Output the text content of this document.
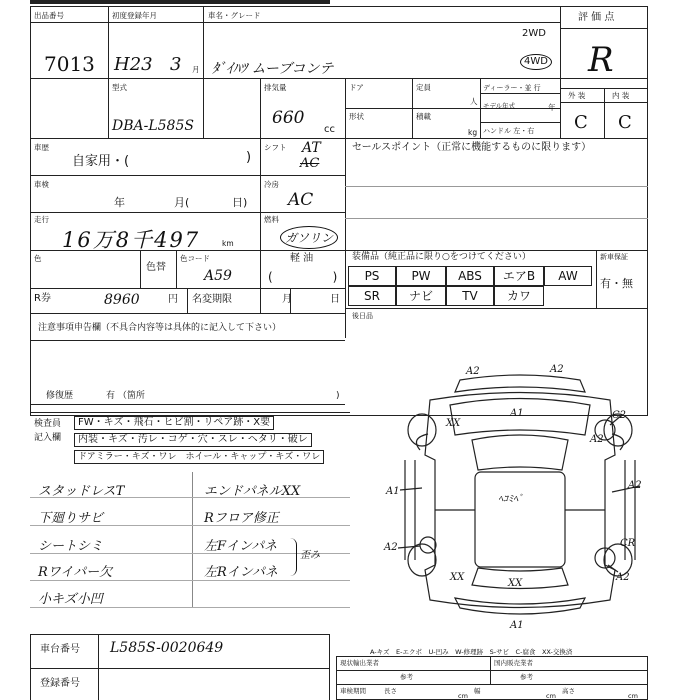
出品番号
7013
初度登録年月
H23 3 月
車名・グレード
ﾀﾞｲﾊﾂ ムーブコンテ
2WD
4WD
評 価 点
R
型式
DBA-L585S
排気量
660
cc
ドア	定員
人
ディーラー・並 行
形状	積載
kg
モデル年式	年
ハンドル 左・右
外 装	内 装
C C
車歴
自家用・(	)
シフト AT
AC
車検
年	月(	日)
冷房
AC
走行
16万8千497	km
燃料
ガソリン
色
色替
色コード
A59
軽 油
(     )
R券	8960	円 名変期限	月	日
セールスポイント（正常に機能するものに限ります）
装備品（純正品に限り○をつけてください）	新車保証
有・無
PS	PW	ABS	エアB	AW
SR	ナビ	TV	カワ
後日品
注意事項申告欄（不具合内容等は具体的に記入して下さい）
修復歴	有 （箇所	)
検査員
記入欄
FW・キズ・飛石・ヒビ割・リペア跡・X要
内装・キズ・汚レ・コゲ・穴・スレ・ヘタリ・破レ
ドアミラー・キズ・ワレ　ホイール・キャップ・キズ・ワレ
スタッドレスT
下廻りサビ
シートシミ
Rワイパー欠
小キズ小凹
エンドパネルXX
Rフロア修正
左Fインパネ
左Rインパネ
歪み
A2	A2
A1
XX
C2
A2
A1
ﾍｺﾐﾍﾞ
A2
A2	CR
XX
XX
A2
A1
A-キズ　E-エクボ　U-凹み　W-修理跡　S-サビ　C-腐食　XX-交換済
現状輸出業者	国内販売業者
参考	参考
車検期間	長さ
cm
幅
cm
高さ
cm
車台番号 L585S-0020649
登録番号
